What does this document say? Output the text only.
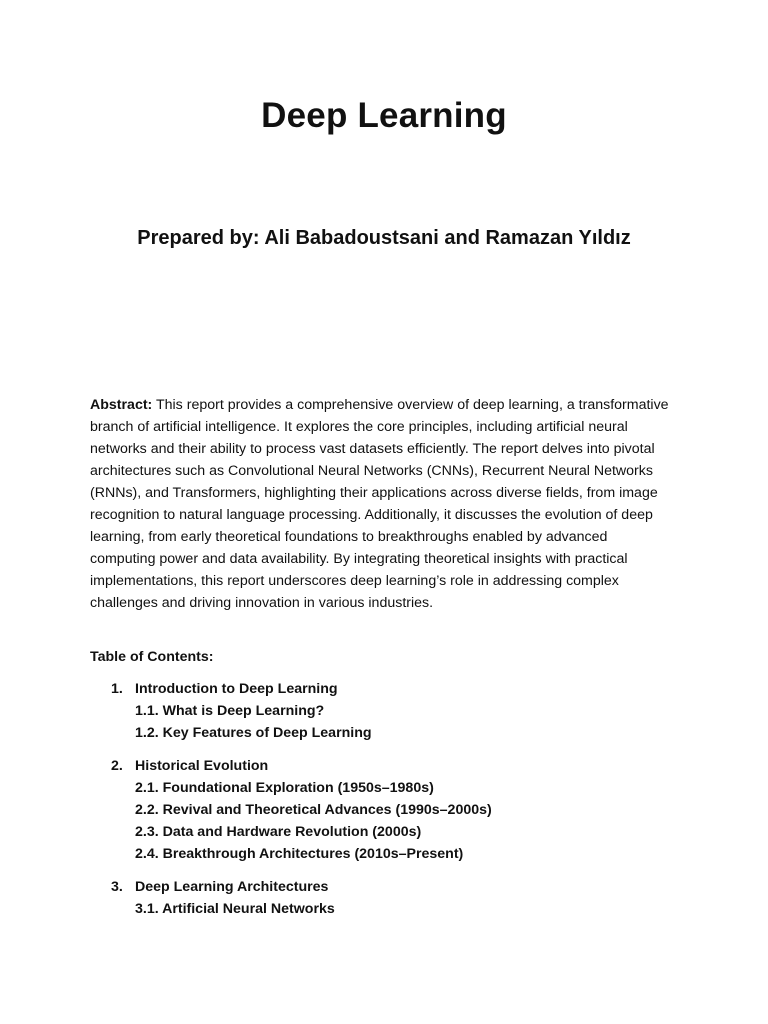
Deep Learning
Prepared by: Ali Babadoustsani and Ramazan Yıldız

Abstract: This report provides a comprehensive overview of deep learning, a transformative branch of artificial intelligence. It explores the core principles, including artificial neural networks and their ability to process vast datasets efficiently. The report delves into pivotal architectures such as Convolutional Neural Networks (CNNs), Recurrent Neural Networks (RNNs), and Transformers, highlighting their applications across diverse fields, from image recognition to natural language processing. Additionally, it discusses the evolution of deep learning, from early theoretical foundations to breakthroughs enabled by advanced computing power and data availability. By integrating theoretical insights with practical implementations, this report underscores deep learning’s role in addressing complex challenges and driving innovation in various industries.

Table of Contents:

1. Introduction to Deep Learning
1.1. What is Deep Learning?
1.2. Key Features of Deep Learning
2. Historical Evolution
2.1. Foundational Exploration (1950s–1980s)
2.2. Revival and Theoretical Advances (1990s–2000s)
2.3. Data and Hardware Revolution (2000s)
2.4. Breakthrough Architectures (2010s–Present)
3. Deep Learning Architectures
3.1. Artificial Neural Networks
